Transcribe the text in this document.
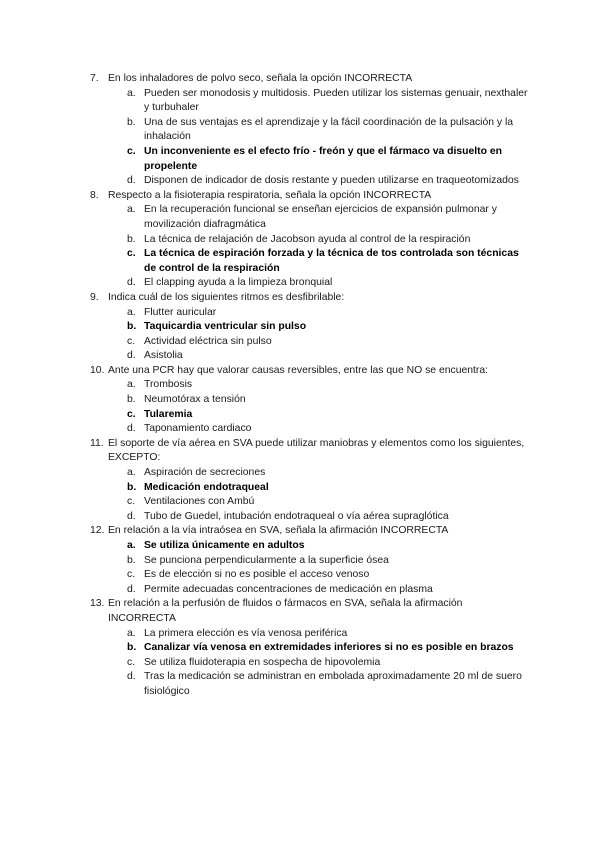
7. En los inhaladores de polvo seco, señala la opción INCORRECTA
a. Pueden ser monodosis y multidosis. Pueden utilizar los sistemas genuair, nexthaler y turbuhaler
b. Una de sus ventajas es el aprendizaje y la fácil coordinación de la pulsación y la inhalación
c. Un inconveniente es el efecto frío - freón y que el fármaco va disuelto en propelente
d. Disponen de indicador de dosis restante y pueden utilizarse en traqueotomizados
8. Respecto a la fisioterapia respiratoria, señala la opción INCORRECTA
a. En la recuperación funcional se enseñan ejercicios de expansión pulmonar y movilización diafragmática
b. La técnica de relajación de Jacobson ayuda al control de la respiración
c. La técnica de espiración forzada y la técnica de tos controlada son técnicas de control de la respiración
d. El clapping ayuda a la limpieza bronquial
9. Indica cuál de los siguientes ritmos es desfibrilable:
a. Flutter auricular
b. Taquicardia ventricular sin pulso
c. Actividad eléctrica sin pulso
d. Asistolia
10. Ante una PCR hay que valorar causas reversibles, entre las que NO se encuentra:
a. Trombosis
b. Neumotórax a tensión
c. Tularemia
d. Taponamiento cardiaco
11. El soporte de vía aérea en SVA puede utilizar maniobras y elementos como los siguientes, EXCEPTO:
a. Aspiración de secreciones
b. Medicación endotraqueal
c. Ventilaciones con Ambú
d. Tubo de Guedel, intubación endotraqueal o vía aérea supraglótica
12. En relación a la vía intraósea en SVA, señala la afirmación INCORRECTA
a. Se utiliza únicamente en adultos
b. Se punciona perpendicularmente a la superficie ósea
c. Es de elección si no es posible el acceso venoso
d. Permite adecuadas concentraciones de medicación en plasma
13. En relación a la perfusión de fluidos o fármacos en SVA, señala la afirmación INCORRECTA
a. La primera elección es vía venosa periférica
b. Canalizar vía venosa en extremidades inferiores si no es posible en brazos
c. Se utiliza fluidoterapia en sospecha de hipovolemia
d. Tras la medicación se administran en embolada aproximadamente 20 ml de suero fisiológico
